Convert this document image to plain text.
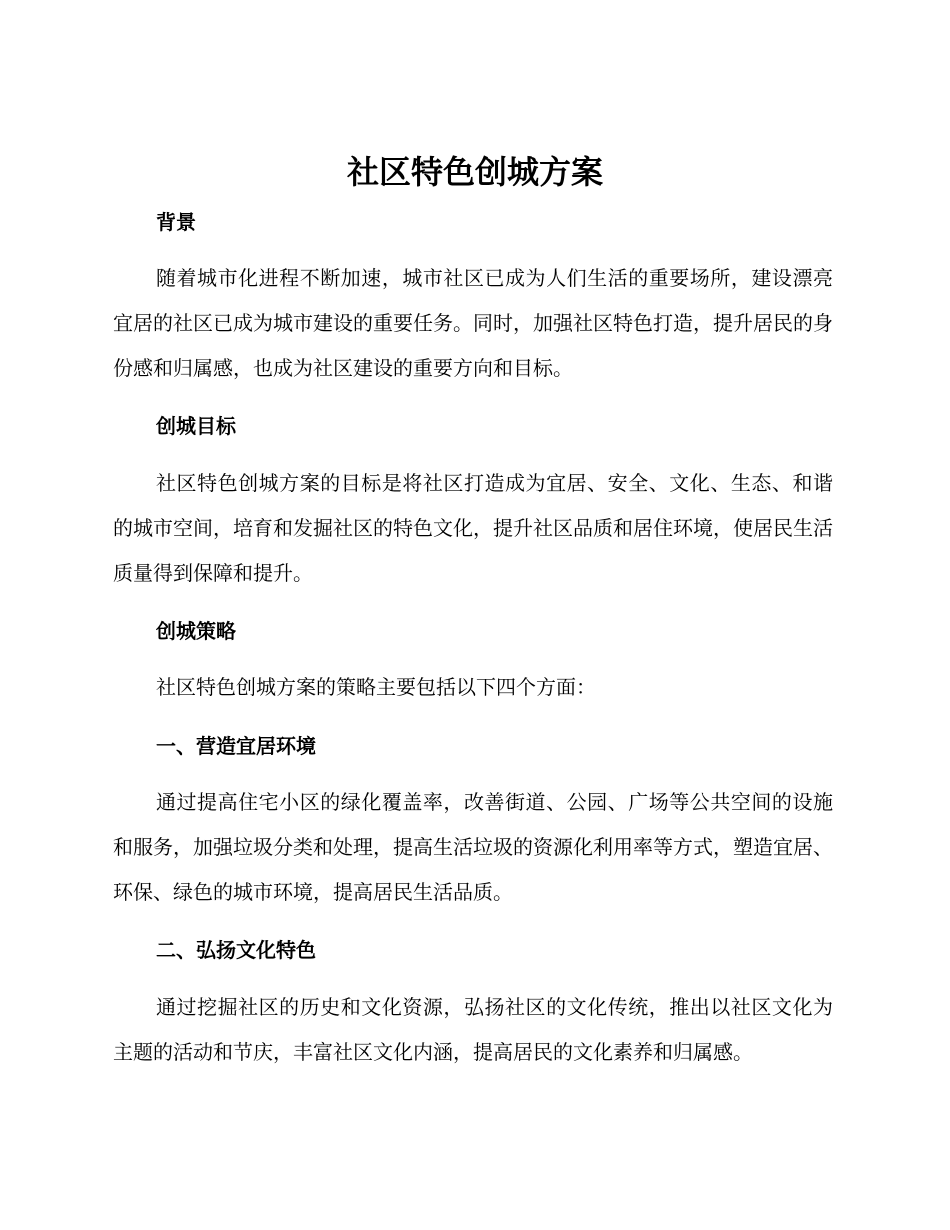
社区特色创城方案
背景

随着城市化进程不断加速，城市社区已成为人们生活的重要场所，建设漂亮宜居的社区已成为城市建设的重要任务。同时，加强社区特色打造，提升居民的身份感和归属感，也成为社区建设的重要方向和目标。

创城目标

社区特色创城方案的目标是将社区打造成为宜居、安全、文化、生态、和谐的城市空间，培育和发掘社区的特色文化，提升社区品质和居住环境，使居民生活质量得到保障和提升。

创城策略

社区特色创城方案的策略主要包括以下四个方面：

一、营造宜居环境

通过提高住宅小区的绿化覆盖率，改善街道、公园、广场等公共空间的设施和服务，加强垃圾分类和处理，提高生活垃圾的资源化利用率等方式，塑造宜居、环保、绿色的城市环境，提高居民生活品质。

二、弘扬文化特色

通过挖掘社区的历史和文化资源，弘扬社区的文化传统，推出以社区文化为主题的活动和节庆，丰富社区文化内涵，提高居民的文化素养和归属感。
